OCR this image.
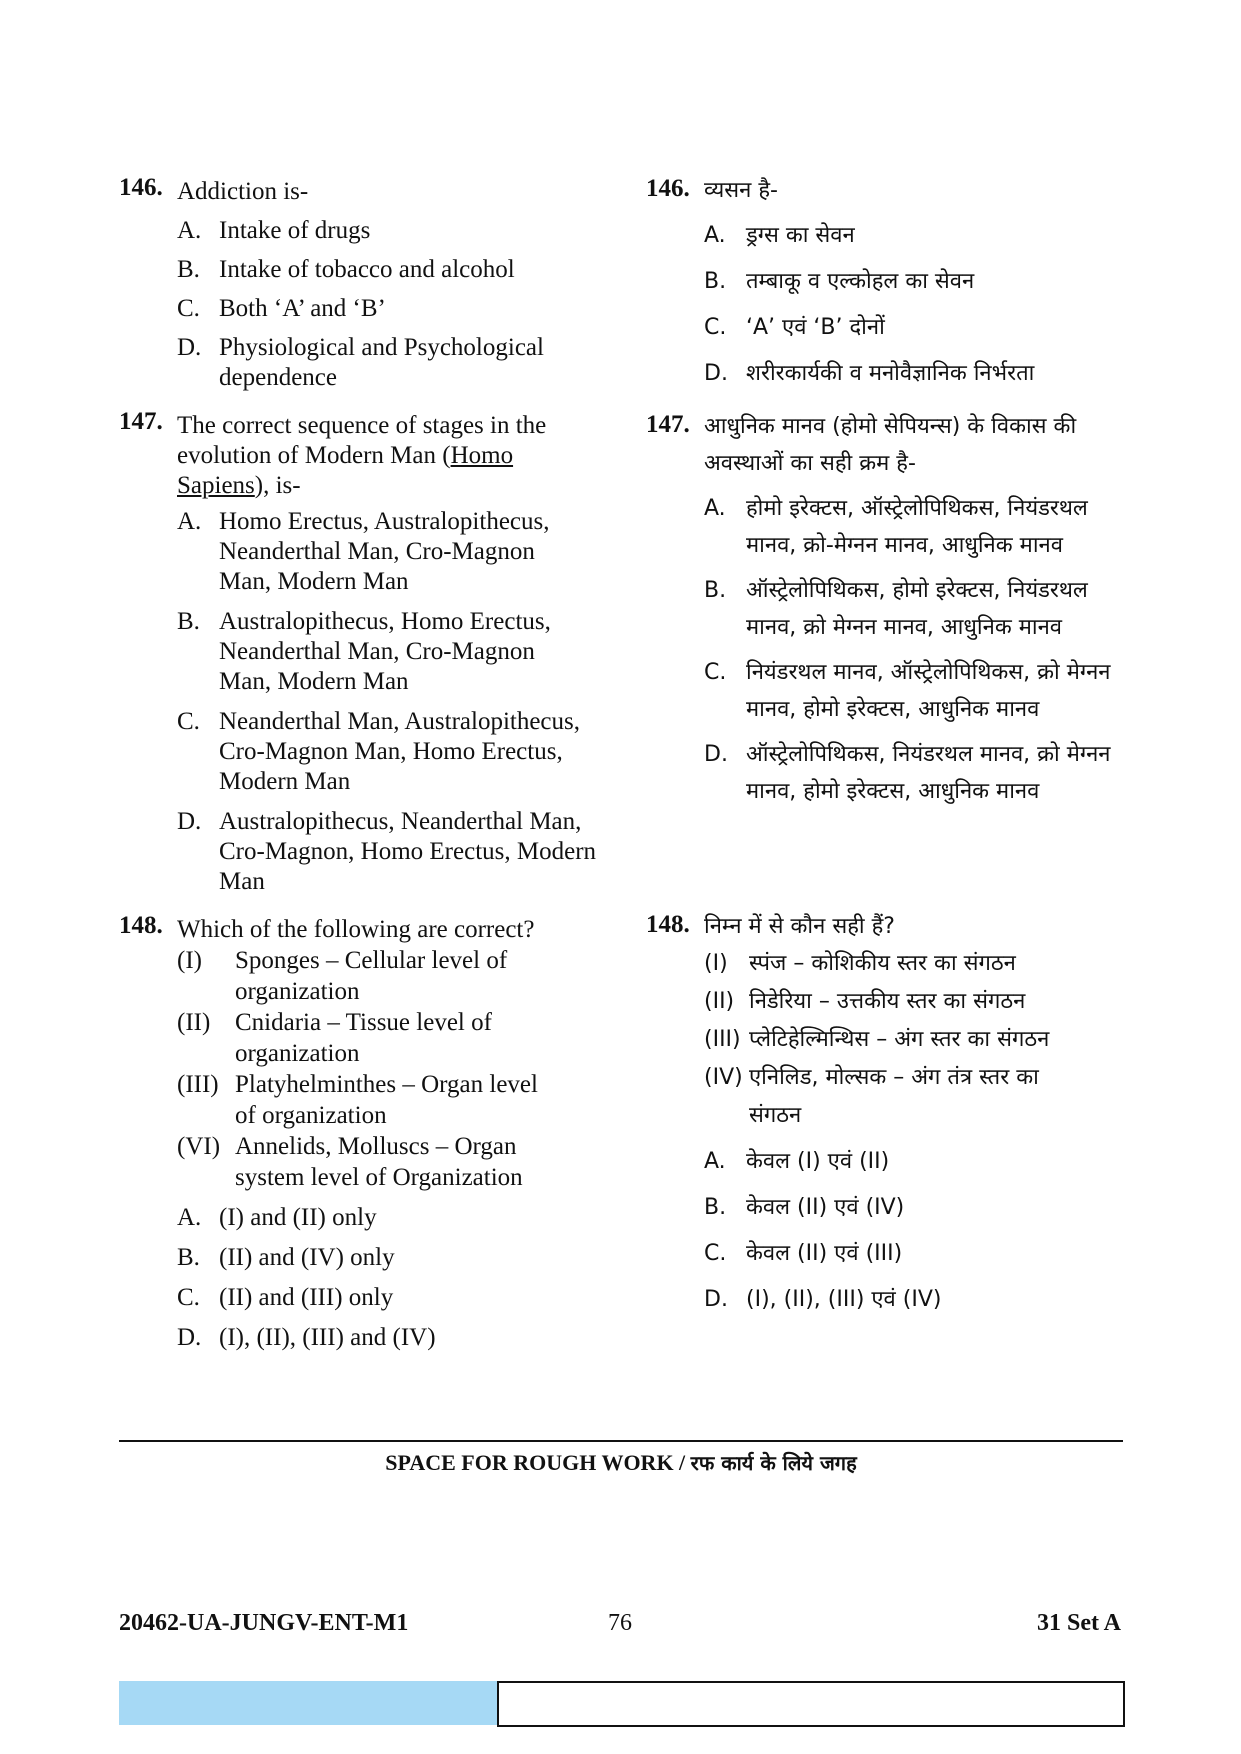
146. Addiction is-
A. Intake of drugs
B. Intake of tobacco and alcohol
C. Both ‘A’ and ‘B’
D. Physiological and Psychological dependence
147. The correct sequence of stages in the evolution of Modern Man (Homo Sapiens), is-
A. Homo Erectus, Australopithecus, Neanderthal Man, Cro-Magnon Man, Modern Man
B. Australopithecus, Homo Erectus, Neanderthal Man, Cro-Magnon Man, Modern Man
C. Neanderthal Man, Australopithecus, Cro-Magnon Man, Homo Erectus, Modern Man
D. Australopithecus, Neanderthal Man, Cro-Magnon, Homo Erectus, Modern Man
148. Which of the following are correct?
(I) Sponges – Cellular level of organization
(II) Cnidaria – Tissue level of organization
(III) Platyhelminthes – Organ level of organization
(VI) Annelids, Molluscs – Organ system level of Organization
A. (I) and (II) only
B. (II) and (IV) only
C. (II) and (III) only
D. (I), (II), (III) and (IV)
146. व्यसन है-
A. ड्रग्स का सेवन
B. तम्बाकू व एल्कोहल का सेवन
C. ‘A’ एवं ‘B’ दोनों
D. शरीरकार्यकी व मनोवैज्ञानिक निर्भरता
147. आधुनिक मानव (होमो सेपियन्स) के विकास की अवस्थाओं का सही क्रम है-
A. होमो इरेक्टस, ऑस्ट्रेलोपिथिकस, नियंडरथल मानव, क्रो-मेग्नन मानव, आधुनिक मानव
B. ऑस्ट्रेलोपिथिकस, होमो इरेक्टस, नियंडरथल मानव, क्रो मेग्नन मानव, आधुनिक मानव
C. नियंडरथल मानव, ऑस्ट्रेलोपिथिकस, क्रो मेग्नन मानव, होमो इरेक्टस, आधुनिक मानव
D. ऑस्ट्रेलोपिथिकस, नियंडरथल मानव, क्रो मेग्नन मानव, होमो इरेक्टस, आधुनिक मानव
148. निम्न में से कौन सही हैं?
(I) स्पंज – कोशिकीय स्तर का संगठन
(II) निडेरिया – उत्तकीय स्तर का संगठन
(III) प्लेटिहेल्मिन्थिस – अंग स्तर का संगठन
(IV) एनिलिड, मोल्सक – अंग तंत्र स्तर का संगठन
A. केवल (I) एवं (II)
B. केवल (II) एवं (IV)
C. केवल (II) एवं (III)
D. (I), (II), (III) एवं (IV)
SPACE FOR ROUGH WORK / रफ कार्य के लिये जगह
20462-UA-JUNGV-ENT-M1	76	31 Set A
